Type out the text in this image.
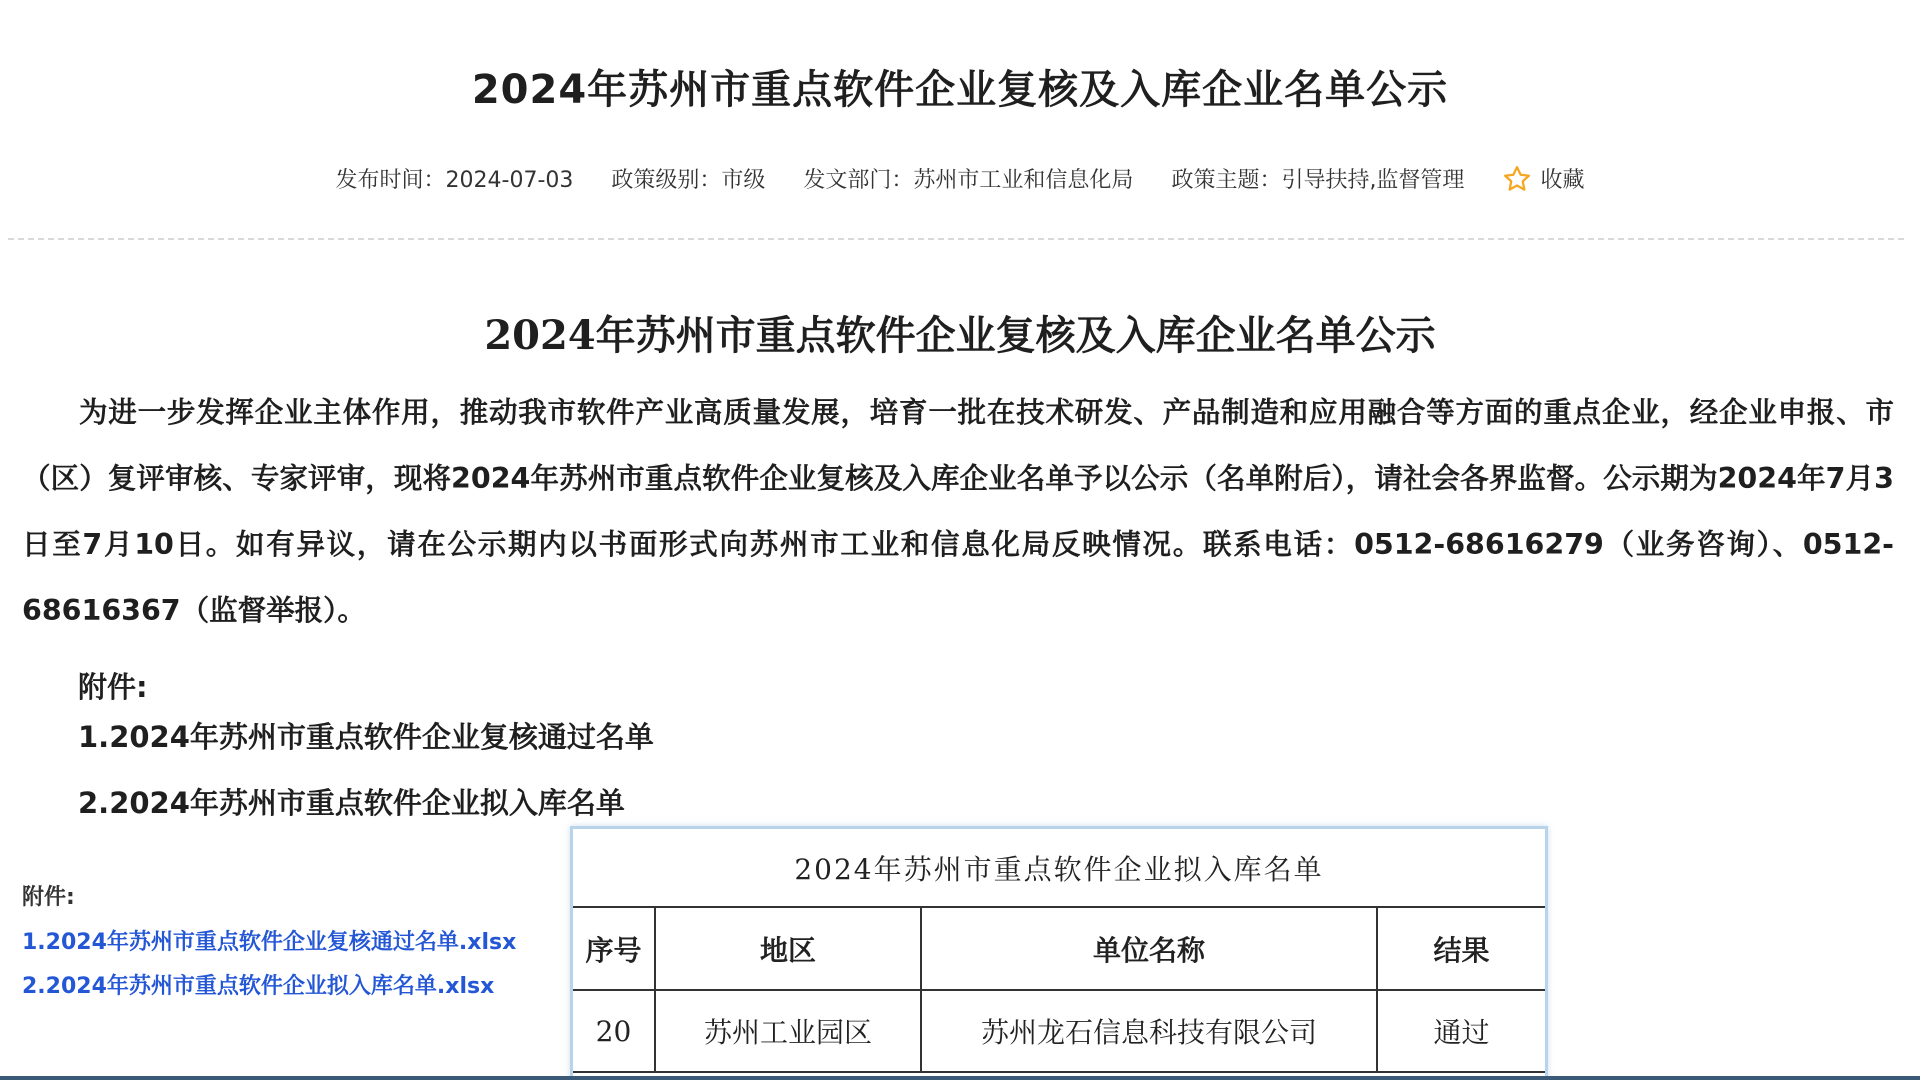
2024年苏州市重点软件企业复核及入库企业名单公示
发布时间：2024-07-03 政策级别：市级 发文部门：苏州市工业和信息化局 政策主题：引导扶持,监督管理	收藏
2024年苏州市重点软件企业复核及入库企业名单公示

为进一步发挥企业主体作用，推动我市软件产业高质量发展，培育一批在技术研发、产品制造和应用融合等方面的重点企业，经企业申报、市（区）复评审核、专家评审，现将2024年苏州市重点软件企业复核及入库企业名单予以公示（名单附后），请社会各界监督。公示期为2024年7月3日至7月10日。如有异议，请在公示期内以书面形式向苏州市工业和信息化局反映情况。联系电话：0512-68616279（业务咨询）、0512-68616367（监督举报）。

附件:
1.2024年苏州市重点软件企业复核通过名单
2.2024年苏州市重点软件企业拟入库名单
附件:
1.2024年苏州市重点软件企业复核通过名单.xlsx
2.2024年苏州市重点软件企业拟入库名单.xlsx
2024年苏州市重点软件企业拟入库名单
序号	地区	单位名称	结果
20	苏州工业园区	苏州龙石信息科技有限公司	通过
